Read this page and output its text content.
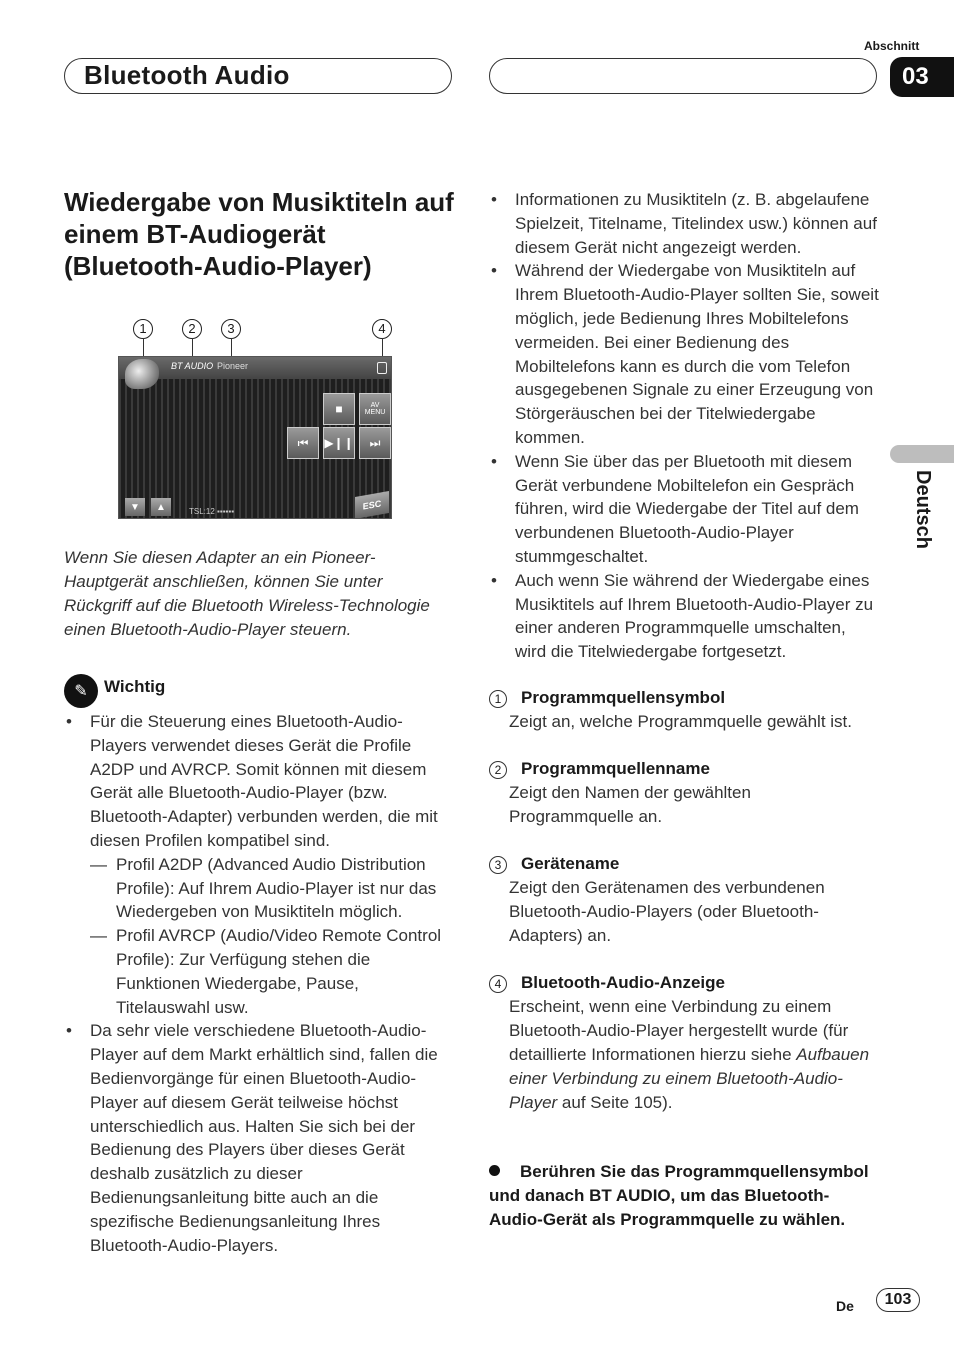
Bluetooth Audio
Abschnitt
03
Deutsch
Wiedergabe von Musiktiteln auf einem BT-Audiogerät (Bluetooth-Audio-Player)
1	2	3	4
BT AUDIO Pioneer
■	AV MENU
⏮	▶❙❙	⏭
▼	▲	TSL:12 ▪▪▪▪▪▪	ESC
Wenn Sie diesen Adapter an ein Pioneer-Hauptgerät anschließen, können Sie unter Rückgriff auf die Bluetooth Wireless-Technologie einen Bluetooth-Audio-Player steuern.
✎ Wichtig
• Für die Steuerung eines Bluetooth-Audio-Players verwendet dieses Gerät die Profile A2DP und AVRCP. Somit können mit diesem Gerät alle Bluetooth-Audio-Player (bzw. Bluetooth-Adapter) verbunden werden, die mit diesen Profilen kompatibel sind.
— Profil A2DP (Advanced Audio Distribution Profile): Auf Ihrem Audio-Player ist nur das Wiedergeben von Musiktiteln möglich.
— Profil AVRCP (Audio/Video Remote Control Profile): Zur Verfügung stehen die Funktionen Wiedergabe, Pause, Titelauswahl usw.
• Da sehr viele verschiedene Bluetooth-Audio-Player auf dem Markt erhältlich sind, fallen die Bedienvorgänge für einen Bluetooth-Audio-Player auf diesem Gerät teilweise höchst unterschiedlich aus. Halten Sie sich bei der Bedienung des Players über dieses Gerät deshalb zusätzlich zu dieser Bedienungsanleitung bitte auch an die spezifische Bedienungsanleitung Ihres Bluetooth-Audio-Players.
• Informationen zu Musiktiteln (z. B. abgelaufene Spielzeit, Titelname, Titelindex usw.) können auf diesem Gerät nicht angezeigt werden.
• Während der Wiedergabe von Musiktiteln auf Ihrem Bluetooth-Audio-Player sollten Sie, soweit möglich, jede Bedienung Ihres Mobiltelefons vermeiden. Bei einer Bedienung des Mobiltelefons kann es durch die vom Telefon ausgegebenen Signale zu einer Erzeugung von Störgeräuschen bei der Titelwiedergabe kommen.
• Wenn Sie über das per Bluetooth mit diesem Gerät verbundene Mobiltelefon ein Gespräch führen, wird die Wiedergabe der Titel auf dem verbundenen Bluetooth-Audio-Player stummgeschaltet.
• Auch wenn Sie während der Wiedergabe eines Musiktitels auf Ihrem Bluetooth-Audio-Player zu einer anderen Programmquelle umschalten, wird die Titelwiedergabe fortgesetzt.
1 Programmquellensymbol
Zeigt an, welche Programmquelle gewählt ist.
2 Programmquellenname
Zeigt den Namen der gewählten Programmquelle an.
3 Gerätename
Zeigt den Gerätenamen des verbundenen Bluetooth-Audio-Players (oder Bluetooth-Adapters) an.
4 Bluetooth-Audio-Anzeige
Erscheint, wenn eine Verbindung zu einem Bluetooth-Audio-Player hergestellt wurde (für detaillierte Informationen hierzu siehe Aufbauen einer Verbindung zu einem Bluetooth-Audio-Player auf Seite 105).
Berühren Sie das Programmquellensymbol und danach BT AUDIO, um das Bluetooth-Audio-Gerät als Programmquelle zu wählen.
De	103
